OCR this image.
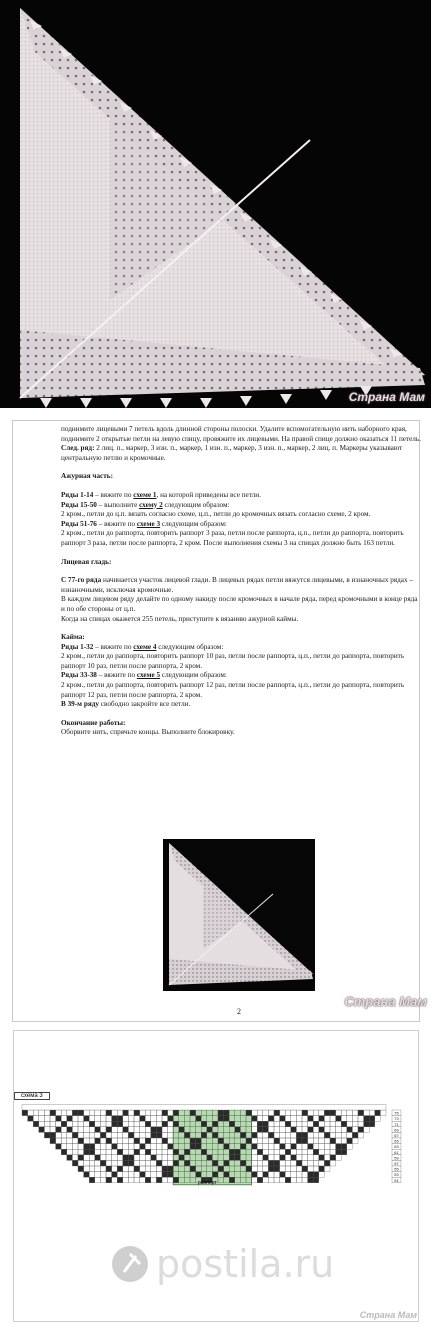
Страна Мам

поднимите лицевыми 7 петель вдоль длинной стороны полоски. Удалите вспомогательную нить наборного края, поднимите 2 открытые петли на левую спицу, провяжите их лицевыми. На правой спице должно оказаться 11 петель.

След. ряд: 2 лиц. п., маркер, 3 изн. п., маркер, 1 изн. п., маркер, 3 изн. п., маркер, 2 лиц. п. Маркеры указывают центральную петлю и кромочные.

Ажурная часть:

Ряды 1-14 – вяжите по схеме 1, на которой приведены все петли.

Ряды 15-50 – выполните схему 2 следующим образом:

2 кром., петли до ц.п. вязать согласно схеме, ц.п., петли до кромочных вязать согласно схеме, 2 кром.

Ряды 51-76 – вяжите по схеме 3 следующим образом:

2 кром., петли до раппорта, повторить раппорт 3 раза, петли после раппорта, ц.п., петли до раппорта, повторить раппорт 3 раза, петли после раппорта, 2 кром. После выполнения схемы 3 на спицах должно быть 163 петли.

Лицевая гладь:

С 77-го ряда начинается участок лицевой глади. В лицевых рядах петли вяжутся лицевыми, в изнаночных рядах – изнаночными, исключая кромочные.

В каждом лицевом ряду делайте по одному накиду после кромочных в начале ряда, перед кромочными в конце ряда и по обе стороны от ц.п.

Когда на спицах окажется 255 петель, приступите к вязанию ажурной каймы.

Кайма:

Ряды 1-32 – вяжите по схеме 4 следующим образом:

2 кром., петли до раппорта, повторить раппорт 10 раз, петли после раппорта, ц.п., петли до раппорта, повторить раппорт 10 раз, петли после раппорта, 2 кром.

Ряды 33-38 – вяжите по схеме 5 следующим образом:

2 кром., петли до раппорта, повторить раппорт 12 раз, петли после раппорта, ц.п., петли до раппорта, повторить раппорт 12 раз, петли после раппорта, 2 кром.

В 39-м ряду свободно закройте все петли.

Окончание работы:

Оборвите нить, спрячьте концы. Выполните блокировку.

2
Страна Мам
схема 3
75
73
71
69
67
65
63
61
59
57
55
53
51
раппорт
postila.ru
Страна Мам
